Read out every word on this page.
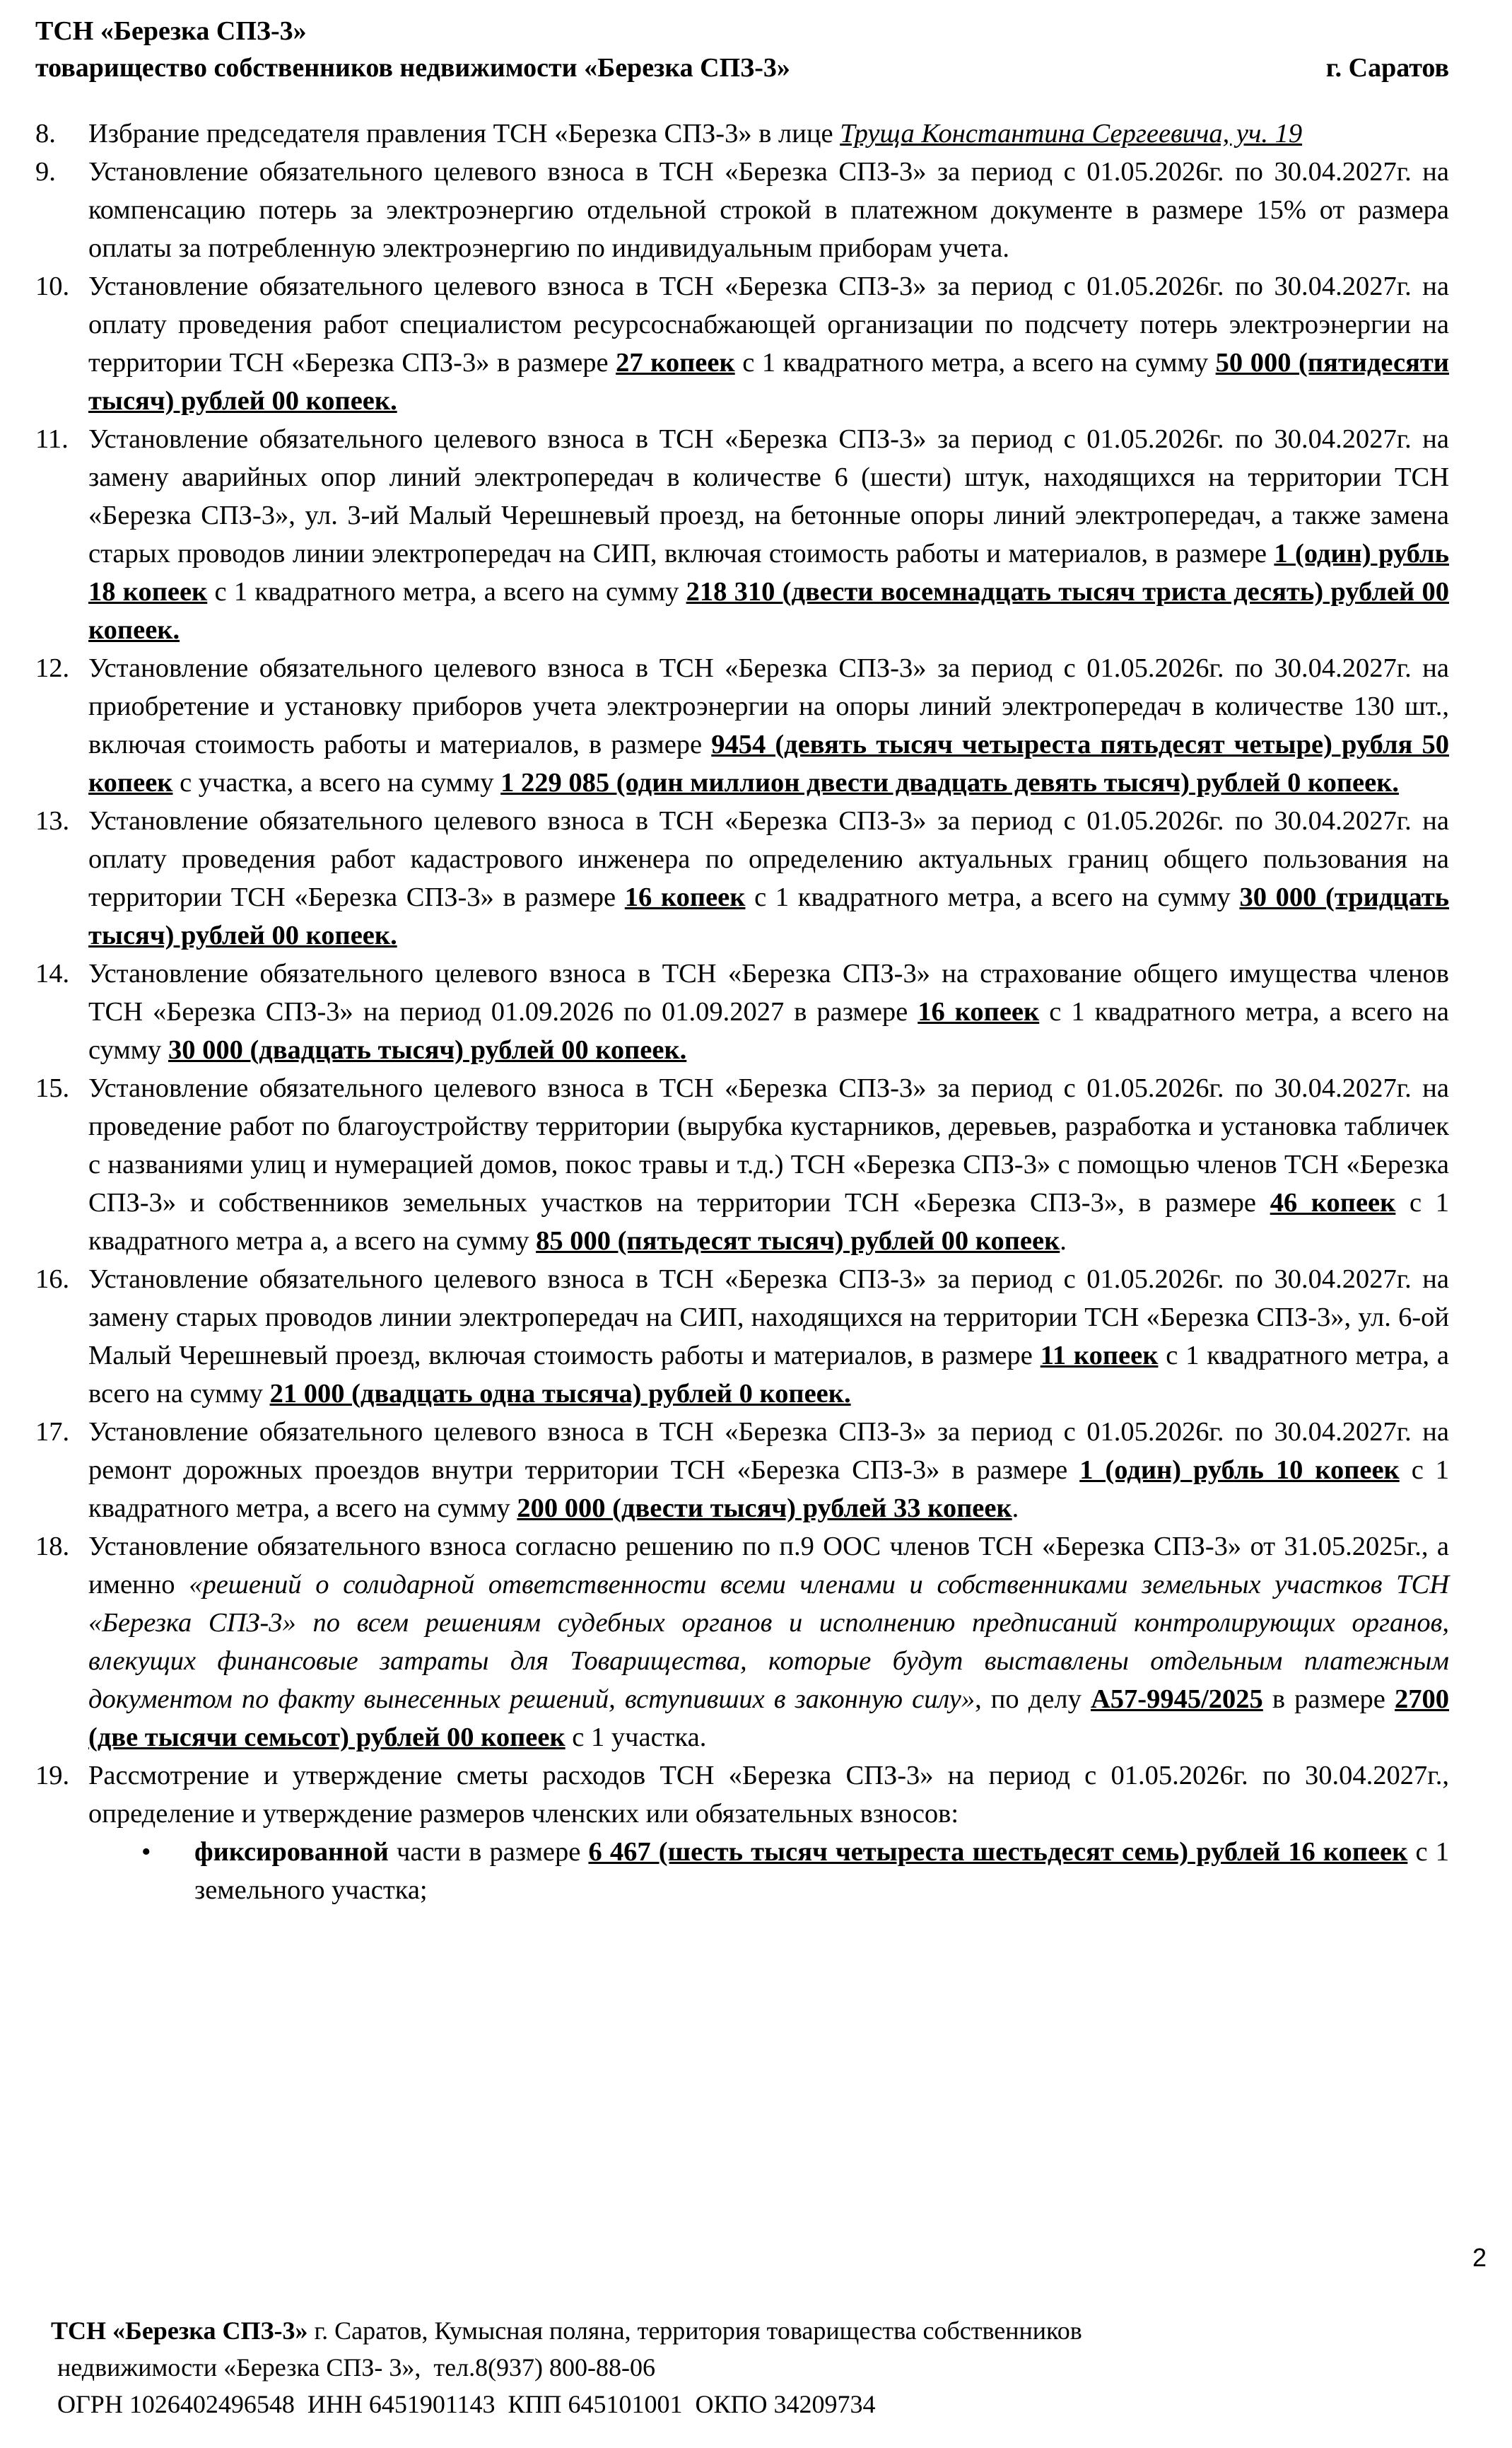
ТСН «Березка СПЗ-3»
товарищество собственников недвижимости «Березка СПЗ-3»	г. Саратов
8. Избрание председателя правления ТСН «Березка СПЗ-3» в лице Труща Константина Сергеевича, уч. 19
9. Установление обязательного целевого взноса в ТСН «Березка СПЗ-3» за период с 01.05.2026г. по 30.04.2027г. на компенсацию потерь за электроэнергию отдельной строкой в платежном документе в размере 15% от размера оплаты за потребленную электроэнергию по индивидуальным приборам учета.
10. Установление обязательного целевого взноса в ТСН «Березка СПЗ-3» за период с 01.05.2026г. по 30.04.2027г. на оплату проведения работ специалистом ресурсоснабжающей организации по подсчету потерь электроэнергии на территории ТСН «Березка СПЗ-3» в размере 27 копеек с 1 квадратного метра, а всего на сумму 50 000 (пятидесяти тысяч) рублей 00 копеек.
11. Установление обязательного целевого взноса в ТСН «Березка СПЗ-3» за период с 01.05.2026г. по 30.04.2027г. на замену аварийных опор линий электропередач в количестве 6 (шести) штук, находящихся на территории ТСН «Березка СПЗ-3», ул. 3-ий Малый Черешневый проезд, на бетонные опоры линий электропередач, а также замена старых проводов линии электропередач на СИП, включая стоимость работы и материалов, в размере 1 (один) рубль 18 копеек с 1 квадратного метра, а всего на сумму 218 310 (двести восемнадцать тысяч триста десять) рублей 00 копеек.
12. Установление обязательного целевого взноса в ТСН «Березка СПЗ-3» за период с 01.05.2026г. по 30.04.2027г. на приобретение и установку приборов учета электроэнергии на опоры линий электропередач в количестве 130 шт., включая стоимость работы и материалов, в размере 9454 (девять тысяч четыреста пятьдесят четыре) рубля 50 копеек с участка, а всего на сумму 1 229 085 (один миллион двести двадцать девять тысяч) рублей 0 копеек.
13. Установление обязательного целевого взноса в ТСН «Березка СПЗ-3» за период с 01.05.2026г. по 30.04.2027г. на оплату проведения работ кадастрового инженера по определению актуальных границ общего пользования на территории ТСН «Березка СПЗ-3» в размере 16 копеек с 1 квадратного метра, а всего на сумму 30 000 (тридцать тысяч) рублей 00 копеек.
14. Установление обязательного целевого взноса в ТСН «Березка СПЗ-3» на страхование общего имущества членов ТСН «Березка СПЗ-3» на период 01.09.2026 по 01.09.2027 в размере 16 копеек с 1 квадратного метра, а всего на сумму 30 000 (двадцать тысяч) рублей 00 копеек.
15. Установление обязательного целевого взноса в ТСН «Березка СПЗ-3» за период с 01.05.2026г. по 30.04.2027г. на проведение работ по благоустройству территории (вырубка кустарников, деревьев, разработка и установка табличек с названиями улиц и нумерацией домов, покос травы и т.д.) ТСН «Березка СПЗ-3» с помощью членов ТСН «Березка СПЗ-3» и собственников земельных участков на территории ТСН «Березка СПЗ-3», в размере 46 копеек с 1 квадратного метра а, а всего на сумму 85 000 (пятьдесят тысяч) рублей 00 копеек.
16. Установление обязательного целевого взноса в ТСН «Березка СПЗ-3» за период с 01.05.2026г. по 30.04.2027г. на замену старых проводов линии электропередач на СИП, находящихся на территории ТСН «Березка СПЗ-3», ул. 6-ой Малый Черешневый проезд, включая стоимость работы и материалов, в размере 11 копеек с 1 квадратного метра, а всего на сумму 21 000 (двадцать одна тысяча) рублей 0 копеек.
17. Установление обязательного целевого взноса в ТСН «Березка СПЗ-3» за период с 01.05.2026г. по 30.04.2027г. на ремонт дорожных проездов внутри территории ТСН «Березка СПЗ-3» в размере 1 (один) рубль 10 копеек с 1 квадратного метра, а всего на сумму 200 000 (двести тысяч) рублей 33 копеек.
18. Установление обязательного взноса согласно решению по п.9 ООС членов ТСН «Березка СПЗ-3» от 31.05.2025г., а именно «решений о солидарной ответственности всеми членами и собственниками земельных участков ТСН «Березка СПЗ-3» по всем решениям судебных органов и исполнению предписаний контролирующих органов, влекущих финансовые затраты для Товарищества, которые будут выставлены отдельным платежным документом по факту вынесенных решений, вступивших в законную силу», по делу А57-9945/2025 в размере 2700 (две тысячи семьсот) рублей 00 копеек с 1 участка.
19. Рассмотрение и утверждение сметы расходов ТСН «Березка СПЗ-3» на период с 01.05.2026г. по 30.04.2027г., определение и утверждение размеров членских или обязательных взносов:
• фиксированной части в размере 6 467 (шесть тысяч четыреста шестьдесят семь) рублей 16 копеек с 1 земельного участка;
2
ТСН «Березка СПЗ-3» г. Саратов, Кумысная поляна, территория товарищества собственников
недвижимости «Березка СПЗ- 3»,  тел.8(937) 800-88-06
ОГРН 1026402496548  ИНН 6451901143  КПП 645101001  ОКПО 34209734
